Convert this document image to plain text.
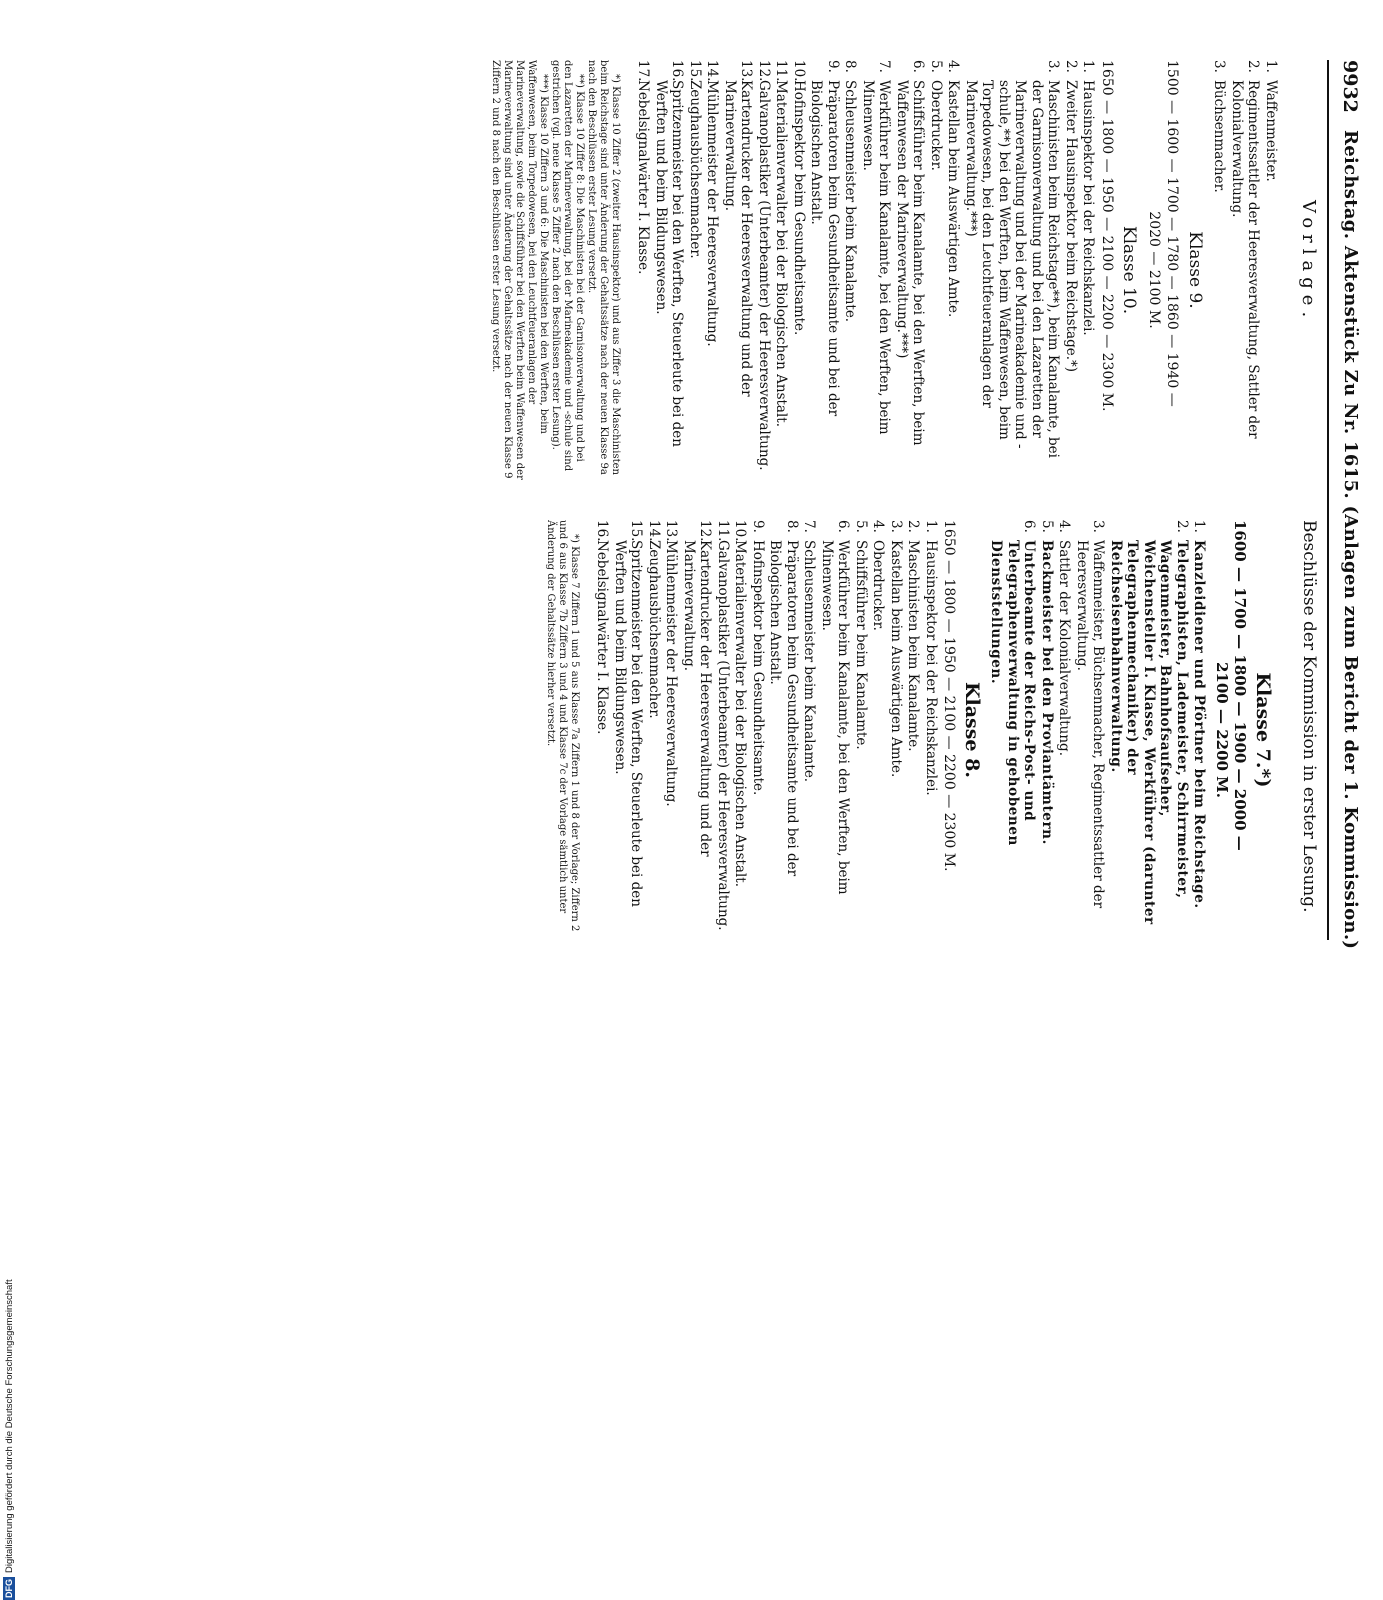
9932
Reichstag. Aktenstück Zu Nr. 1615. (Anlagen zum Bericht der 1. Kommission.)
Vorlage.
1.
Waffenmeister.
2.
Regimentssattler der Heeresverwaltung, Sattler der Kolonialverwaltung.
3.
Büchsenmacher.
Klasse 9.
1500 — 1600 — 1700 — 1780 — 1860 — 1940 —
2020 — 2100 M.
Klasse 10.
1650 — 1800 — 1950 — 2100 — 2200 — 2300 M.
1.
Hausinspektor bei der Reichskanzlei.
2.
Zweiter Hausinspektor beim Reichstage.*)
3.
Maschinisten beim Reichstage**), beim Kanalamte, bei der Garnisonverwaltung und bei den Lazaretten der Marineverwaltung und bei der Marineakademie und -schule,**) bei den Werften, beim Waffenwesen, beim Torpedowesen, bei den Leuchtfeueranlagen der Marineverwaltung.***)
4.
Kastellan beim Auswärtigen Amte.
5.
Oberdrucker.
6.
Schiffsführer beim Kanalamte, bei den Werften, beim Waffenwesen der Marineverwaltung.***)
7.
Werkführer beim Kanalamte, bei den Werften, beim Minenwesen.
8.
Schleusenmeister beim Kanalamte.
9.
Präparatoren beim Gesundheitsamte und bei der Biologischen Anstalt.
10.
Hofinspektor beim Gesundheitsamte.
11.
Materialienverwalter bei der Biologischen Anstalt.
12.
Galvanoplastiker (Unterbeamter) der Heeresverwaltung.
13.
Kartendrucker der Heeresverwaltung und der Marineverwaltung.
14.
Mühlenmeister der Heeresverwaltung.
15.
Zeughausbüchsenmacher.
16.
Spritzenmeister bei den Werften, Steuerleute bei den Werften und beim Bildungswesen.
17.
Nebelsignalwärter I. Klasse.
*) Klasse 10 Ziffer 2 (zweiter Hausinspektor) und aus Ziffer 3 die Maschinisten beim Reichstage sind unter Änderung der Gehaltssätze nach der neuen Klasse 9a nach den Beschlüssen erster Lesung versetzt.
**) Klasse 10 Ziffer 8: Die Maschinisten bei der Garnisonverwaltung und bei den Lazaretten der Marineverwaltung, bei der Marineakademie und -schule sind gestrichen (vgl. neue Klasse 5 Ziffer 2 nach den Beschlüssen erster Lesung).
***) Klasse 10 Ziffern 3 und 6: Die Maschinisten bei den Werften, beim Waffenwesen, beim Torpedowesen, bei den Leuchtfeueranlagen der Marineverwaltung, sowie die Schiffsführer bei den Werften beim Waffenwesen der Marineverwaltung sind unter Änderung der Gehaltssätze nach der neuen Klasse 9 Ziffern 2 und 8 nach den Beschlüssen erster Lesung versetzt.
Beschlüsse der Kommission in erster Lesung.
Klasse 7.*)
1600 — 1700 — 1800 — 1900 — 2000 —
2100 — 2200 M.
1.
Kanzleidiener und Pförtner beim Reichstage.
2.
Telegraphisten, Lademeister, Schirrmeister, Wagenmeister, Bahnhofsaufseher, Weichensteller I. Klasse, Werkführer (darunter Telegraphenmechaniker) der Reichseisenbahnverwaltung.
3.
Waffenmeister, Büchsenmacher, Regimentssattler der Heeresverwaltung.
4.
Sattler der Kolonialverwaltung.
5.
Backmeister bei den Proviantämtern.
6.
Unterbeamte der Reichs-Post- und Telegraphenverwaltung in gehobenen Dienststellungen.
Klasse 8.
1650 — 1800 — 1950 — 2100 — 2200 — 2300 M.
1.
Hausinspektor bei der Reichskanzlei.
2.
Maschinisten beim Kanalamte.
3.
Kastellan beim Auswärtigen Amte.
4.
Oberdrucker.
5.
Schiffsführer beim Kanalamte.
6.
Werkführer beim Kanalamte, bei den Werften, beim Minenwesen.
7.
Schleusenmeister beim Kanalamte.
8.
Präparatoren beim Gesundheitsamte und bei der Biologischen Anstalt.
9.
Hofinspektor beim Gesundheitsamte.
10.
Materialienverwalter bei der Biologischen Anstalt.
11.
Galvanoplastiker (Unterbeamter) der Heeresverwaltung.
12.
Kartendrucker der Heeresverwaltung und der Marineverwaltung.
13.
Mühlenmeister der Heeresverwaltung.
14.
Zeughausbüchsenmacher.
15.
Spritzenmeister bei den Werften, Steuerleute bei den Werften und beim Bildungswesen.
16.
Nebelsignalwärter I. Klasse.
*) Klasse 7 Ziffern 1 und 5 aus Klasse 7a Ziffern 1 und 8 der Vorlage; Ziffern 2 und 6 aus Klasse 7b Ziffern 3 und 4 und Klasse 7c der Vorlage sämtlich unter Änderung der Gehaltssätze hierher versetzt.
DFG
Digitalisierung gefördert durch die Deutsche Forschungsgemeinschaft
